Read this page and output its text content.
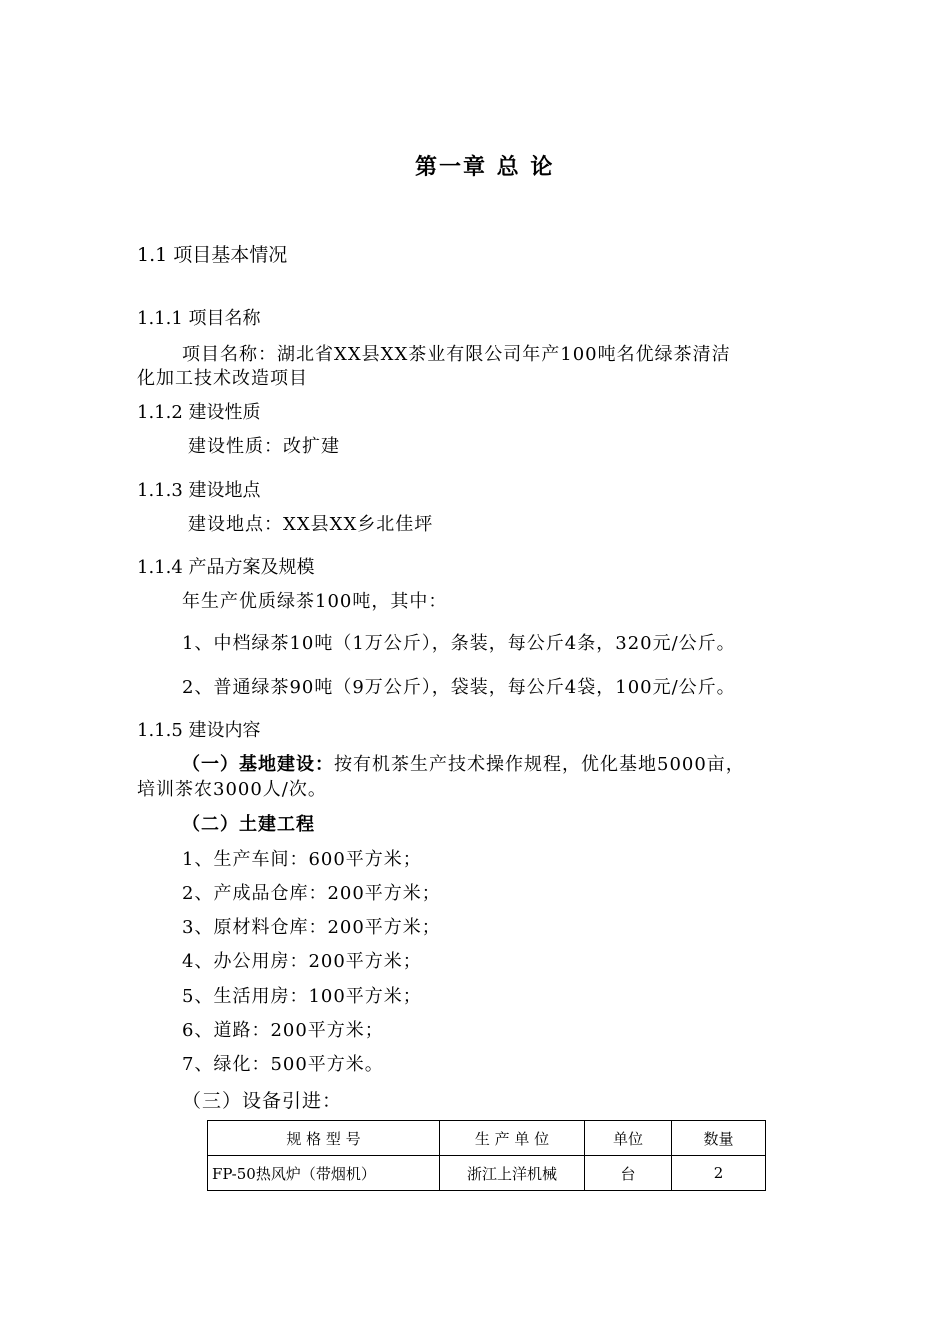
第一章 总 论
1.1 项目基本情况
1.1.1 项目名称
项目名称：湖北省XX县XX茶业有限公司年产100吨名优绿茶清洁
化加工技术改造项目
1.1.2 建设性质
建设性质：改扩建
1.1.3 建设地点
建设地点：XX县XX乡北佳坪
1.1.4 产品方案及规模
年生产优质绿茶100吨，其中：
1、中档绿茶10吨（1万公斤），条装，每公斤4条，320元/公斤。
2、普通绿茶90吨（9万公斤），袋装，每公斤4袋，100元/公斤。
1.1.5 建设内容
（一）基地建设：按有机茶生产技术操作规程，优化基地5000亩，
培训茶农3000人/次。
（二）土建工程
1、生产车间：600平方米；
2、产成品仓库：200平方米；
3、原材料仓库：200平方米；
4、办公用房：200平方米；
5、生活用房：100平方米；
6、道路：200平方米；
7、绿化：500平方米。
（三）设备引进：
规 格 型 号	生 产 单 位	单位	数量
FP-50热风炉（带烟机）	浙江上洋机械	台	2
